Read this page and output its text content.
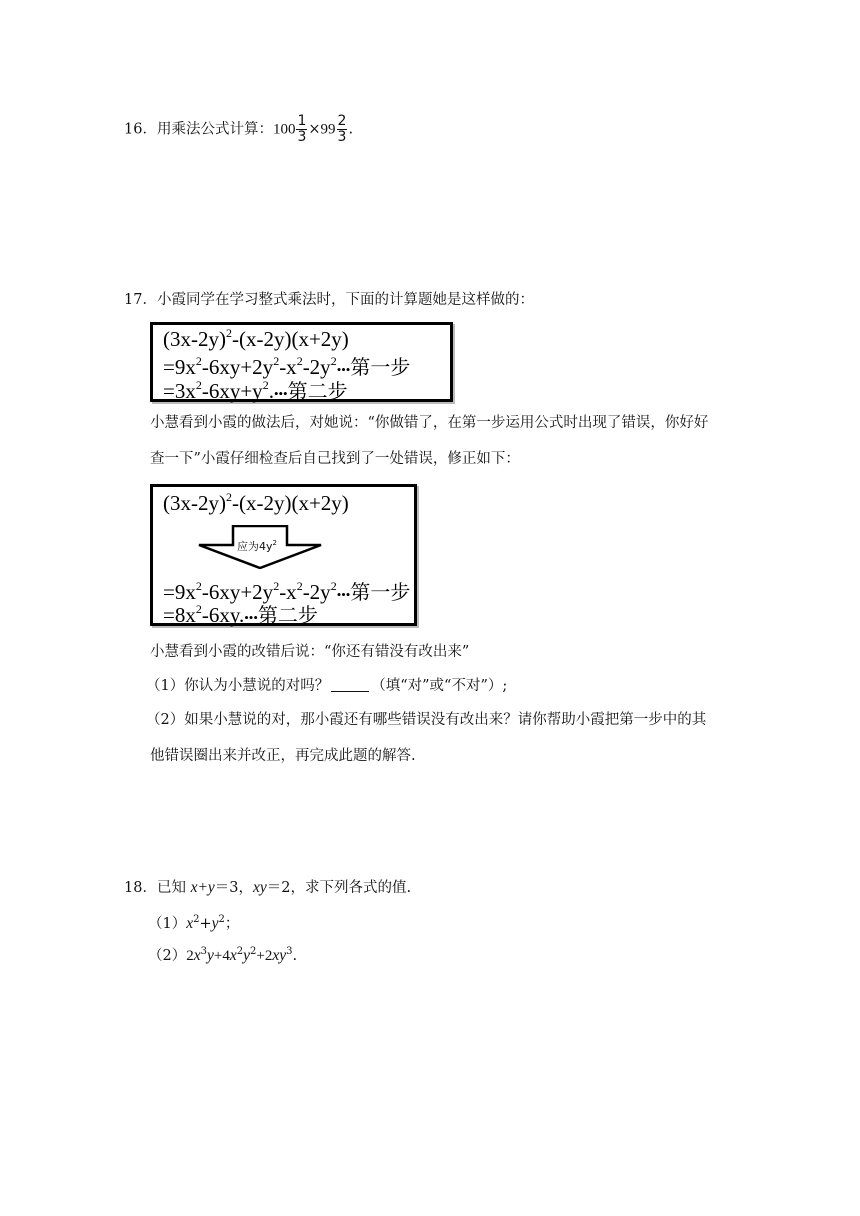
16．用乘法公式计算：$100 \frac{1}{3} \times 99 \frac{2}{3}$ .
17．小霞同学在学习整式乘法时，下面的计算题她是这样做的：
$(3x-2y)^2-(x-2y)(x+2y)$
$=9x^2-6xy+2y^2-x^2-2y^2•••$第一步
$=3x^2-6xy+y^2.•••$第二步
小慧看到小霞的做法后，对她说：“你做错了，在第一步运用公式时出现了错误，你好好
查一下”小霞仔细检查后自己找到了一处错误，修正如下：
$(3x-2y)^2-(x-2y)(x+2y)$
应为$4y^2$
$=9x^2-6xy+2y^2-x^2-2y^2•••$第一步
$=8x^2-6xy.•••$第二步
小慧看到小霞的改错后说：“你还有错没有改出来”
（1）你认为小慧说的对吗？	（填“对”或“不对”）;
（2）如果小慧说的对，那小霞还有哪些错误没有改出来？请你帮助小霞把第一步中的其
他错误圈出来并改正，再完成此题的解答.
18．已知 x+y＝3，xy＝2，求下列各式的值.
$(1)x^2+y^2$；
$(2)2x^3y+4x^2y^2+2xy^3$.
